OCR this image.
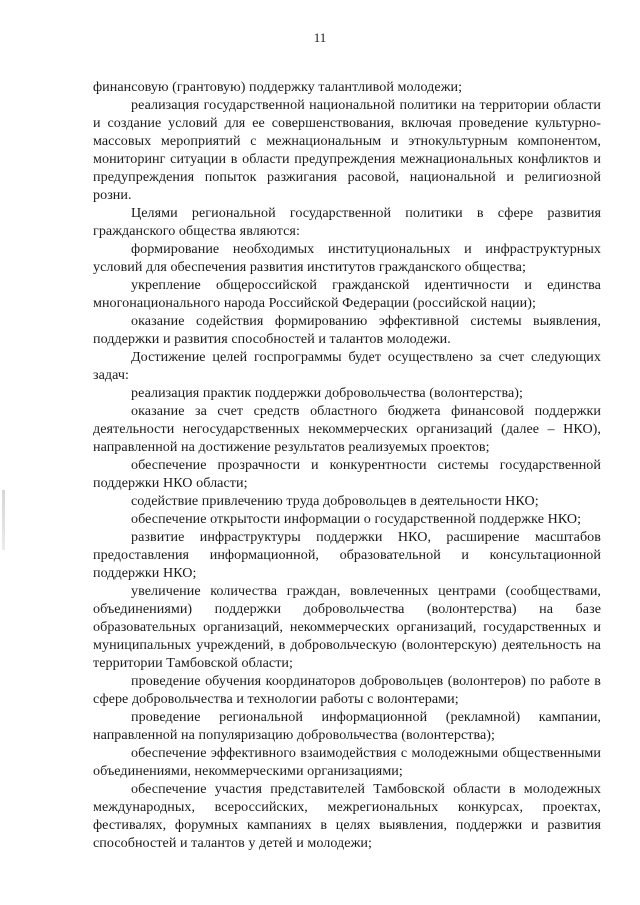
11

финансовую (грантовую) поддержку талантливой молодежи;

реализация государственной национальной политики на территории области и создание условий для ее совершенствования, включая проведение культурно-массовых мероприятий с межнациональным и этнокультурным компонентом, мониторинг ситуации в области предупреждения межнациональных конфликтов и предупреждения попыток разжигания расовой, национальной и религиозной розни.

Целями региональной государственной политики в сфере развития гражданского общества являются:

формирование необходимых институциональных и инфраструктурных условий для обеспечения развития институтов гражданского общества;

укрепление общероссийской гражданской идентичности и единства многонационального народа Российской Федерации (российской нации);

оказание содействия формированию эффективной системы выявления, поддержки и развития способностей и талантов молодежи.

Достижение целей госпрограммы будет осуществлено за счет следующих задач:

реализация практик поддержки добровольчества (волонтерства);

оказание за счет средств областного бюджета финансовой поддержки деятельности негосударственных некоммерческих организаций (далее – НКО), направленной на достижение результатов реализуемых проектов;

обеспечение прозрачности и конкурентности системы государственной поддержки НКО области;

содействие привлечению труда добровольцев в деятельности НКО;

обеспечение открытости информации о государственной поддержке НКО;

развитие инфраструктуры поддержки НКО, расширение масштабов предоставления информационной, образовательной и консультационной поддержки НКО;

увеличение количества граждан, вовлеченных центрами (сообществами, объединениями) поддержки добровольчества (волонтерства) на базе образовательных организаций, некоммерческих организаций, государственных и муниципальных учреждений, в добровольческую (волонтерскую) деятельность на территории Тамбовской области;

проведение обучения координаторов добровольцев (волонтеров) по работе в сфере добровольчества и технологии работы с волонтерами;

проведение региональной информационной (рекламной) кампании, направленной на популяризацию добровольчества (волонтерства);

обеспечение эффективного взаимодействия с молодежными общественными объединениями, некоммерческими организациями;

обеспечение участия представителей Тамбовской области в молодежных международных, всероссийских, межрегиональных конкурсах, проектах, фестивалях, форумных кампаниях в целях выявления, поддержки и развития способностей и талантов у детей и молодежи;
